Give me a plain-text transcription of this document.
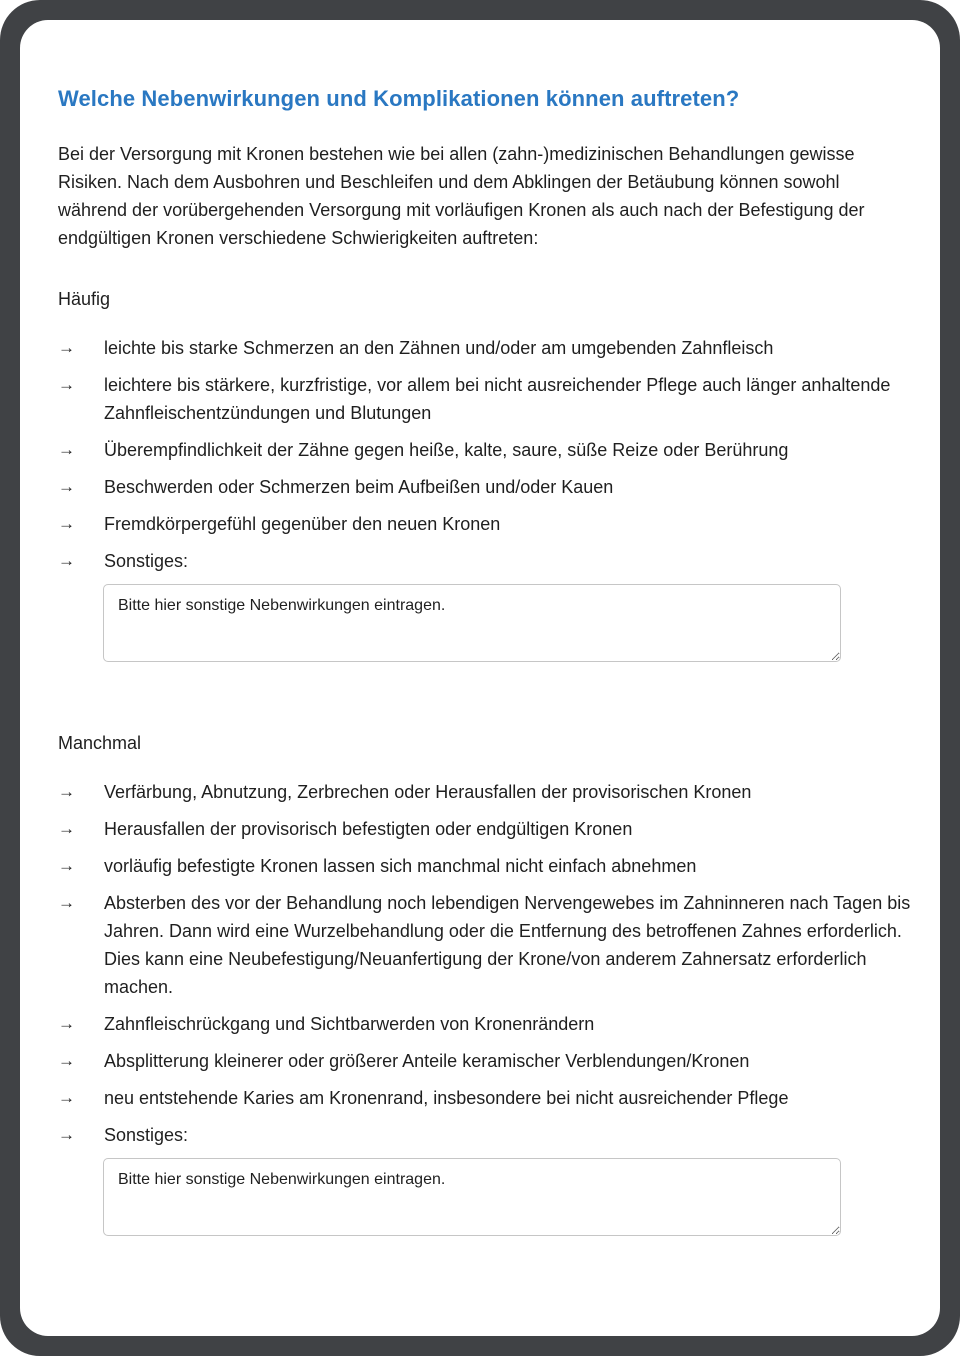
Welche Nebenwirkungen und Komplikationen können auftreten?

Bei der Versorgung mit Kronen bestehen wie bei allen (zahn-)medizinischen Behandlungen gewisse Risiken. Nach dem Ausbohren und Beschleifen und dem Abklingen der Betäubung können sowohl während der vorübergehenden Versorgung mit vorläufigen Kronen als auch nach der Befestigung der endgültigen Kronen verschiedene Schwierigkeiten auftreten:

Häufig

→ leichte bis starke Schmerzen an den Zähnen und/oder am umgebenden Zahnfleisch
→ leichtere bis stärkere, kurzfristige, vor allem bei nicht ausreichender Pflege auch länger anhaltende Zahnfleischentzündungen und Blutungen
→ Überempfindlichkeit der Zähne gegen heiße, kalte, saure, süße Reize oder Berührung
→ Beschwerden oder Schmerzen beim Aufbeißen und/oder Kauen
→ Fremdkörpergefühl gegenüber den neuen Kronen
→ Sonstiges:
Bitte hier sonstige Nebenwirkungen eintragen.

Manchmal

→ Verfärbung, Abnutzung, Zerbrechen oder Herausfallen der provisorischen Kronen
→ Herausfallen der provisorisch befestigten oder endgültigen Kronen
→ vorläufig befestigte Kronen lassen sich manchmal nicht einfach abnehmen
→ Absterben des vor der Behandlung noch lebendigen Nervengewebes im Zahninneren nach Tagen bis Jahren. Dann wird eine Wurzelbehandlung oder die Entfernung des betroffenen Zahnes erforderlich. Dies kann eine Neubefestigung/Neuanfertigung der Krone/von anderem Zahnersatz erforderlich machen.
→ Zahnfleischrückgang und Sichtbarwerden von Kronenrändern
→ Absplitterung kleinerer oder größerer Anteile keramischer Verblendungen/Kronen
→ neu entstehende Karies am Kronenrand, insbesondere bei nicht ausreichender Pflege
→ Sonstiges:
Bitte hier sonstige Nebenwirkungen eintragen.
